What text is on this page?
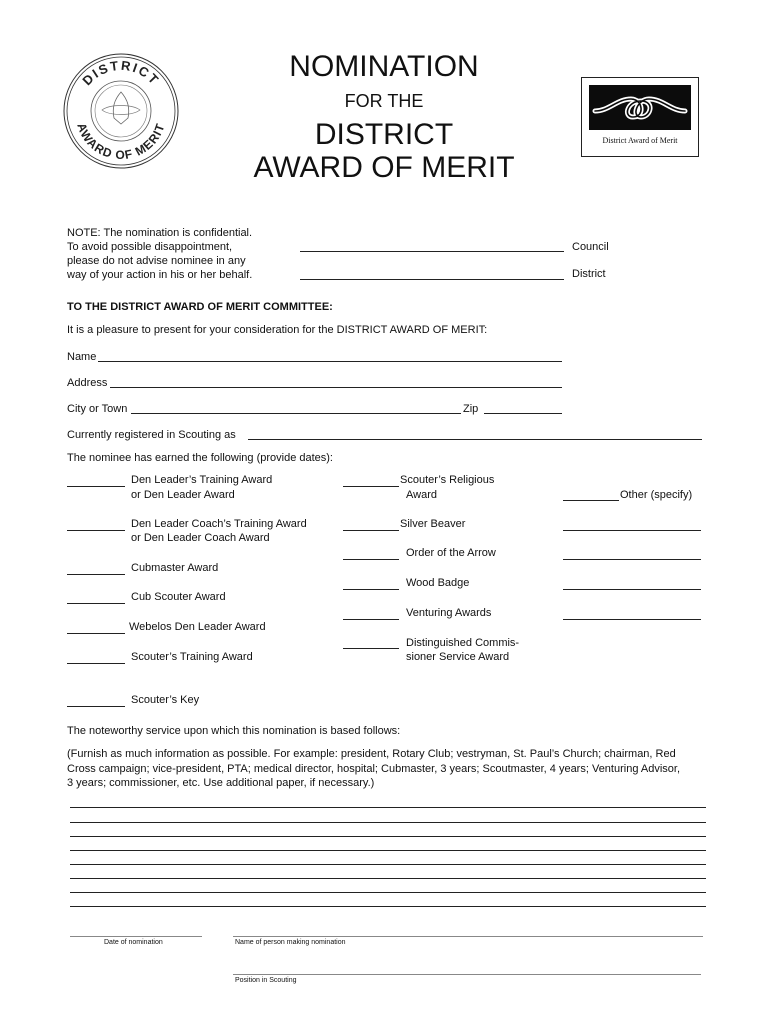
DISTRICT
AWARD OF MERIT
NOMINATION
FOR THE
DISTRICT
AWARD OF MERIT
District Award of Merit
NOTE: The nomination is confidential.
To avoid possible disappointment,
please do not advise nominee in any
way of your action in his or her behalf.
Council
District
TO THE DISTRICT AWARD OF MERIT COMMITTEE:
It is a pleasure to present for your consideration for the DISTRICT AWARD OF MERIT:
Name
Address
City or Town	Zip
Currently registered in Scouting as
The nominee has earned the following (provide dates):
Den Leader’s Training Award
or Den Leader Award
Den Leader Coach’s Training Award
or Den Leader Coach Award
Cubmaster Award
Cub Scouter Award
Webelos Den Leader Award
Scouter’s Training Award
Scouter’s Key
Scouter’s Religious
Award
Silver Beaver
Order of the Arrow
Wood Badge
Venturing Awards
Distinguished Commis-
sioner Service Award
Other (specify)
The noteworthy service upon which this nomination is based follows:
(Furnish as much information as possible. For example: president, Rotary Club; vestryman, St. Paul’s Church; chairman, Red
Cross campaign; vice-president, PTA; medical director, hospital; Cubmaster, 3 years; Scoutmaster, 4 years; Venturing Advisor,
3 years; commissioner, etc. Use additional paper, if necessary.)
Date of nomination	Name of person making nomination
Position in Scouting
